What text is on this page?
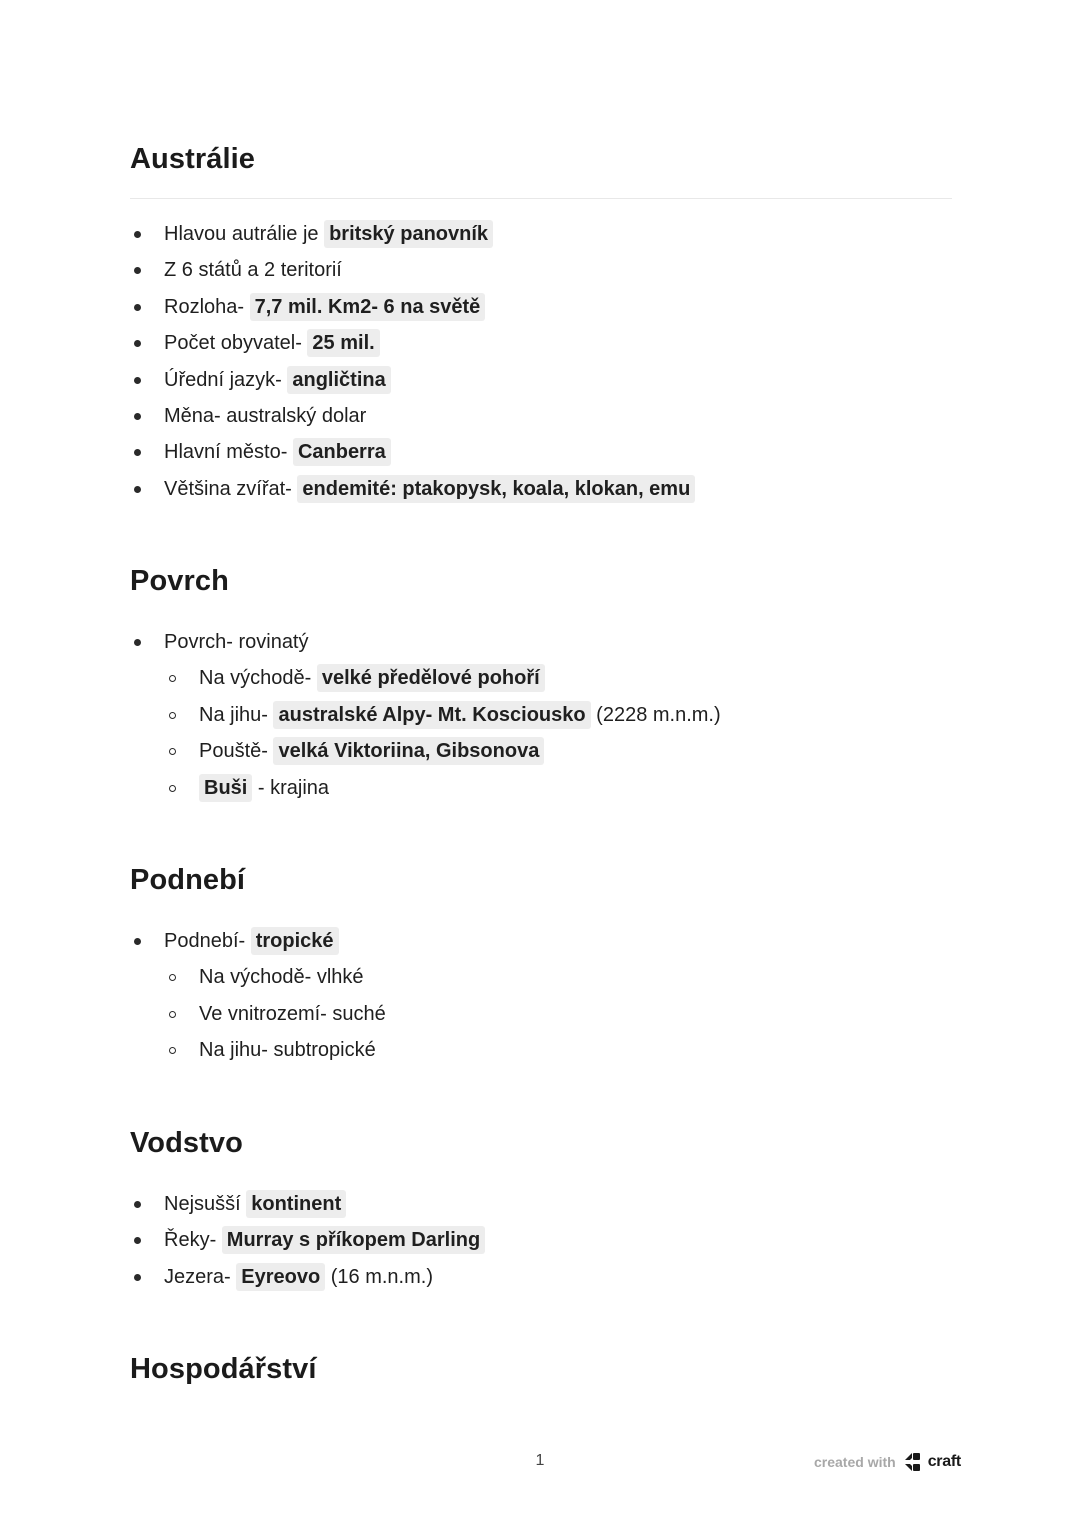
Austrálie
Hlavou autrálie je britský panovník
Z 6 států a 2 teritorií
Rozloha- 7,7 mil. Km2- 6 na světě
Počet obyvatel- 25 mil.
Úřední jazyk- angličtina
Měna- australský dolar
Hlavní město- Canberra
Většina zvířat- endemité: ptakopysk, koala, klokan, emu
Povrch
Povrch- rovinatý
Na východě- velké předělové pohoří
Na jihu- australské Alpy- Mt. Kosciousko (2228 m.n.m.)
Pouště- velká Viktoriina, Gibsonova
Buši - krajina
Podnebí
Podnebí- tropické
Na východě- vlhké
Ve vnitrozemí- suché
Na jihu- subtropické
Vodstvo
Nejsušší kontinent
Řeky- Murray s příkopem Darling
Jezera- Eyreovo (16 m.n.m.)
Hospodářství
1	created with craft
